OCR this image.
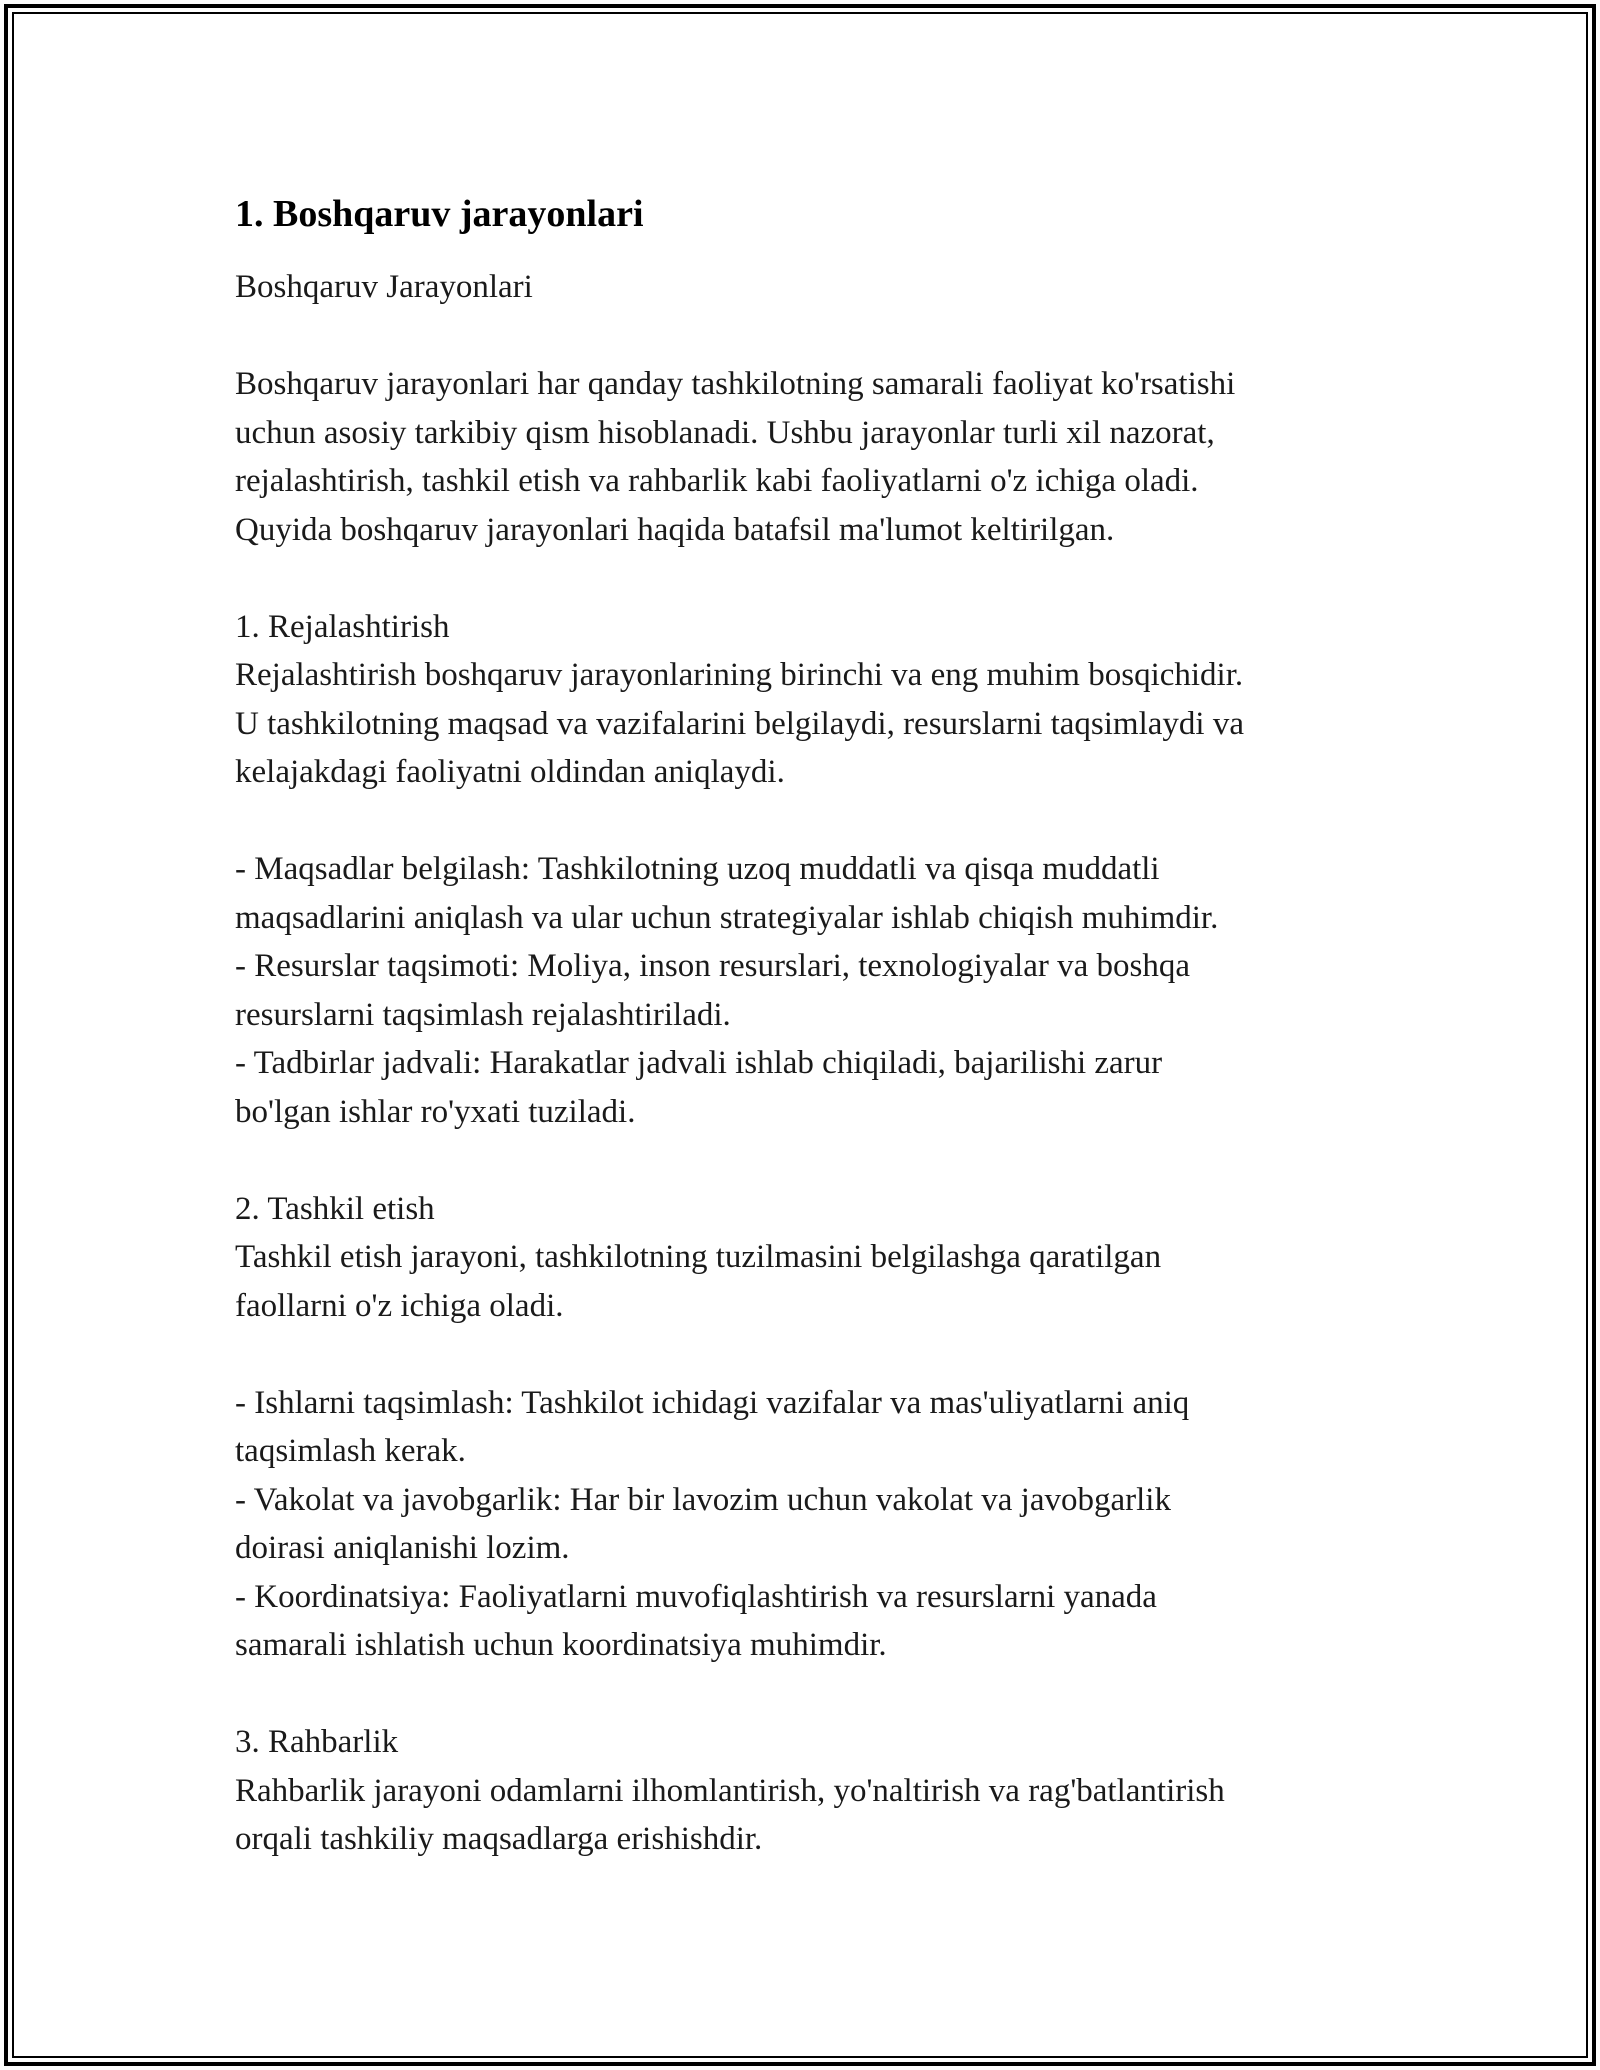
1. Boshqaruv jarayonlari
Boshqaruv Jarayonlari
Boshqaruv jarayonlari har qanday tashkilotning samarali faoliyat ko'rsatishi
uchun asosiy tarkibiy qism hisoblanadi. Ushbu jarayonlar turli xil nazorat,
rejalashtirish, tashkil etish va rahbarlik kabi faoliyatlarni o'z ichiga oladi.
Quyida boshqaruv jarayonlari haqida batafsil ma'lumot keltirilgan.
1. Rejalashtirish
Rejalashtirish boshqaruv jarayonlarining birinchi va eng muhim bosqichidir.
U tashkilotning maqsad va vazifalarini belgilaydi, resurslarni taqsimlaydi va
kelajakdagi faoliyatni oldindan aniqlaydi.
- Maqsadlar belgilash: Tashkilotning uzoq muddatli va qisqa muddatli
maqsadlarini aniqlash va ular uchun strategiyalar ishlab chiqish muhimdir.
- Resurslar taqsimoti: Moliya, inson resurslari, texnologiyalar va boshqa
resurslarni taqsimlash rejalashtiriladi.
- Tadbirlar jadvali: Harakatlar jadvali ishlab chiqiladi, bajarilishi zarur
bo'lgan ishlar ro'yxati tuziladi.
2. Tashkil etish
Tashkil etish jarayoni, tashkilotning tuzilmasini belgilashga qaratilgan
faollarni o'z ichiga oladi.
- Ishlarni taqsimlash: Tashkilot ichidagi vazifalar va mas'uliyatlarni aniq
taqsimlash kerak.
- Vakolat va javobgarlik: Har bir lavozim uchun vakolat va javobgarlik
doirasi aniqlanishi lozim.
- Koordinatsiya: Faoliyatlarni muvofiqlashtirish va resurslarni yanada
samarali ishlatish uchun koordinatsiya muhimdir.
3. Rahbarlik
Rahbarlik jarayoni odamlarni ilhomlantirish, yo'naltirish va rag'batlantirish
orqali tashkiliy maqsadlarga erishishdir.
